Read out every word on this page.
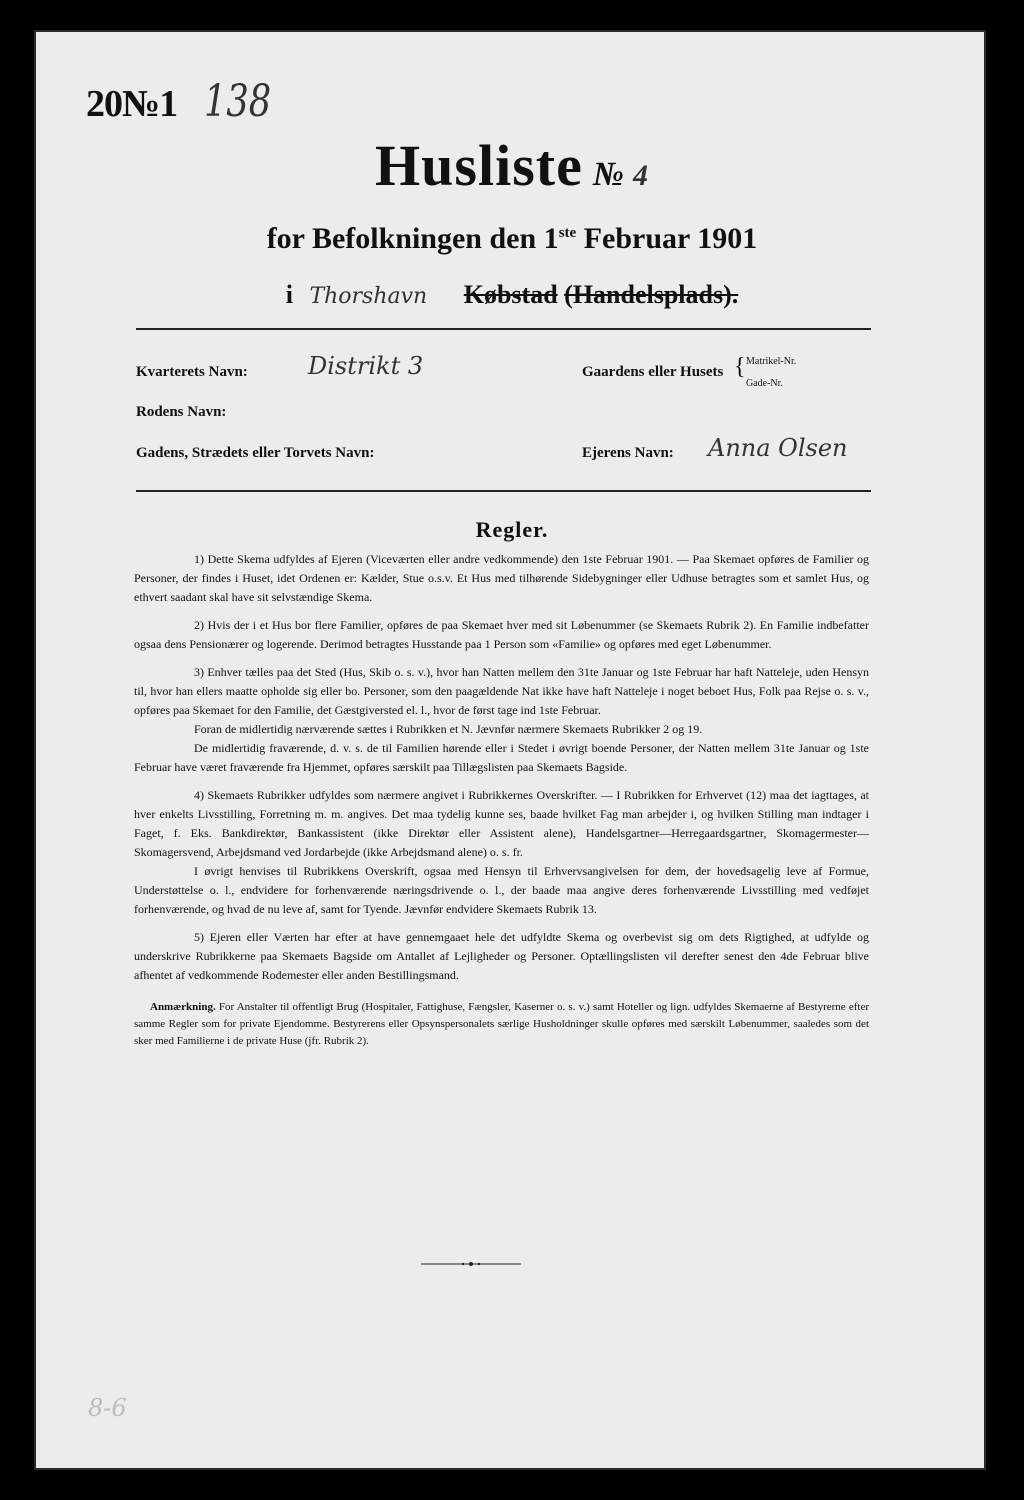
20№1 138
Husliste № 4
for Befolkningen den 1ste Februar 1901
i Thorshavn Købstad (Handelsplads).
Kvarterets Navn:	Distrikt 3	Gaardens eller Husets { Matrikel-Nr.
Gade-Nr.
Rodens Navn:
Gadens, Strædets eller Torvets Navn:	Ejerens Navn: Anna Olsen
Regler.

1) Dette Skema udfyldes af Ejeren (Viceværten eller andre vedkommende) den 1ste Februar 1901. — Paa Skemaet opføres de Familier og Personer, der findes i Huset, idet Ordenen er: Kælder, Stue o.s.v. Et Hus med tilhørende Sidebygninger eller Udhuse betragtes som et samlet Hus, og ethvert saadant skal have sit selvstændige Skema.

2) Hvis der i et Hus bor flere Familier, opføres de paa Skemaet hver med sit Løbenummer (se Skemaets Rubrik 2). En Familie indbefatter ogsaa dens Pensionærer og logerende. Derimod betragtes Husstande paa 1 Person som «Familie» og opføres med eget Løbenummer.

3) Enhver tælles paa det Sted (Hus, Skib o. s. v.), hvor han Natten mellem den 31te Januar og 1ste Februar har haft Natteleje, uden Hensyn til, hvor han ellers maatte opholde sig eller bo. Personer, som den paagældende Nat ikke have haft Natteleje i noget beboet Hus, Folk paa Rejse o. s. v., opføres paa Skemaet for den Familie, det Gæstgiversted el. l., hvor de først tage ind 1ste Februar.

Foran de midlertidig nærværende sættes i Rubrikken et N. Jævnfør nærmere Skemaets Rubrikker 2 og 19.

De midlertidig fraværende, d. v. s. de til Familien hørende eller i Stedet i øvrigt boende Personer, der Natten mellem 31te Januar og 1ste Februar have været fraværende fra Hjemmet, opføres særskilt paa Tillægslisten paa Skemaets Bagside.

4) Skemaets Rubrikker udfyldes som nærmere angivet i Rubrikkernes Overskrifter. — I Rubrikken for Erhvervet (12) maa det iagttages, at hver enkelts Livsstilling, Forretning m. m. angives. Det maa tydelig kunne ses, baade hvilket Fag man arbejder i, og hvilken Stilling man indtager i Faget, f. Eks. Bankdirektør, Bankassistent (ikke Direktør eller Assistent alene), Handelsgartner—Herregaardsgartner, Skomagermester—Skomagersvend, Arbejdsmand ved Jordarbejde (ikke Arbejdsmand alene) o. s. fr.

I øvrigt henvises til Rubrikkens Overskrift, ogsaa med Hensyn til Erhvervsangivelsen for dem, der hovedsagelig leve af Formue, Understøttelse o. l., endvidere for forhenværende næringsdrivende o. l., der baade maa angive deres forhenværende Livsstilling med vedføjet forhenværende, og hvad de nu leve af, samt for Tyende. Jævnfør endvidere Skemaets Rubrik 13.

5) Ejeren eller Værten har efter at have gennemgaaet hele det udfyldte Skema og overbevist sig om dets Rigtighed, at udfylde og underskrive Rubrikkerne paa Skemaets Bagside om Antallet af Lejligheder og Personer. Optællingslisten vil derefter senest den 4de Februar blive afhentet af vedkommende Rodemester eller anden Bestillingsmand.

Anmærkning. For Anstalter til offentligt Brug (Hospitaler, Fattighuse, Fængsler, Kaserner o. s. v.) samt Hoteller og lign. udfyldes Skemaerne af Bestyrerne efter samme Regler som for private Ejendomme. Bestyrerens eller Opsynspersonalets særlige Husholdninger skulle opføres med særskilt Løbenummer, saaledes som det sker med Familierne i de private Huse (jfr. Rubrik 2).

8-6
